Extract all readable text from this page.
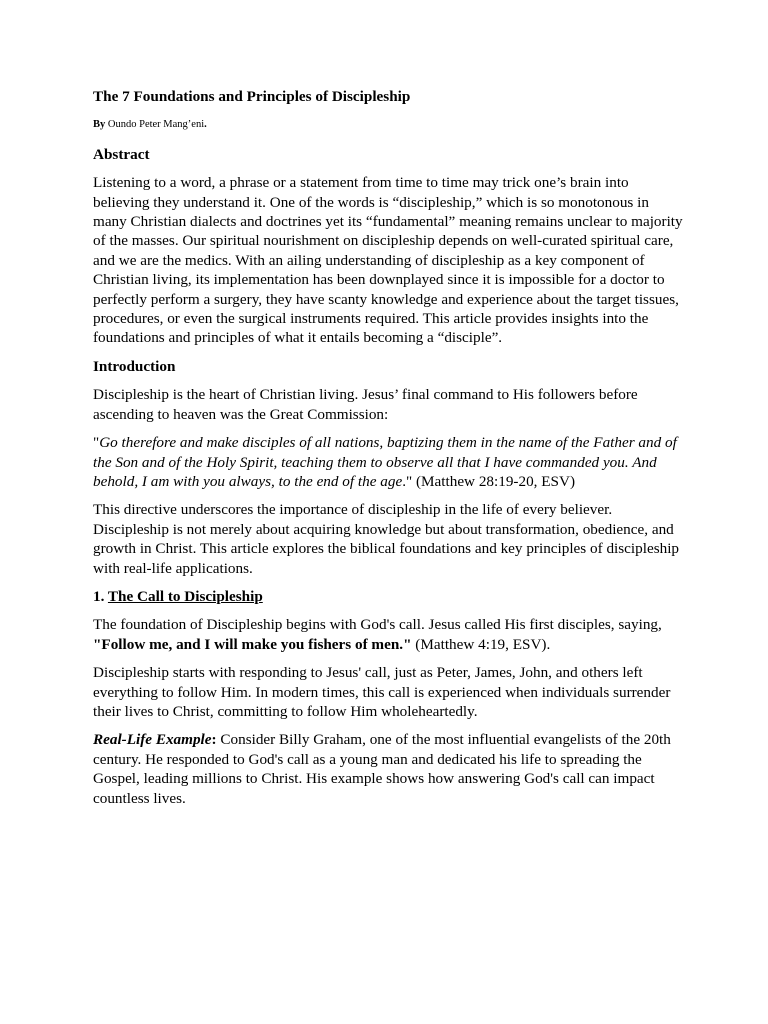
The 7 Foundations and Principles of Discipleship
By Oundo Peter Mang’eni.
Abstract

Listening to a word, a phrase or a statement from time to time may trick one’s brain into believing they understand it. One of the words is “discipleship,” which is so monotonous in many Christian dialects and doctrines yet its “fundamental” meaning remains unclear to majority of the masses. Our spiritual nourishment on discipleship depends on well-curated spiritual care, and we are the medics. With an ailing understanding of discipleship as a key component of Christian living, its implementation has been downplayed since it is impossible for a doctor to perfectly perform a surgery, they have scanty knowledge and experience about the target tissues, procedures, or even the surgical instruments required. This article provides insights into the foundations and principles of what it entails becoming a “disciple”.

Introduction

Discipleship is the heart of Christian living. Jesus’ final command to His followers before ascending to heaven was the Great Commission:

"Go therefore and make disciples of all nations, baptizing them in the name of the Father and of the Son and of the Holy Spirit, teaching them to observe all that I have commanded you. And behold, I am with you always, to the end of the age." (Matthew 28:19-20, ESV)

This directive underscores the importance of discipleship in the life of every believer. Discipleship is not merely about acquiring knowledge but about transformation, obedience, and growth in Christ. This article explores the biblical foundations and key principles of discipleship with real-life applications.

1. The Call to Discipleship

The foundation of Discipleship begins with God's call. Jesus called His first disciples, saying, "Follow me, and I will make you fishers of men." (Matthew 4:19, ESV).

Discipleship starts with responding to Jesus' call, just as Peter, James, John, and others left everything to follow Him. In modern times, this call is experienced when individuals surrender their lives to Christ, committing to follow Him wholeheartedly.

Real-Life Example: Consider Billy Graham, one of the most influential evangelists of the 20th century. He responded to God's call as a young man and dedicated his life to spreading the Gospel, leading millions to Christ. His example shows how answering God's call can impact countless lives.
